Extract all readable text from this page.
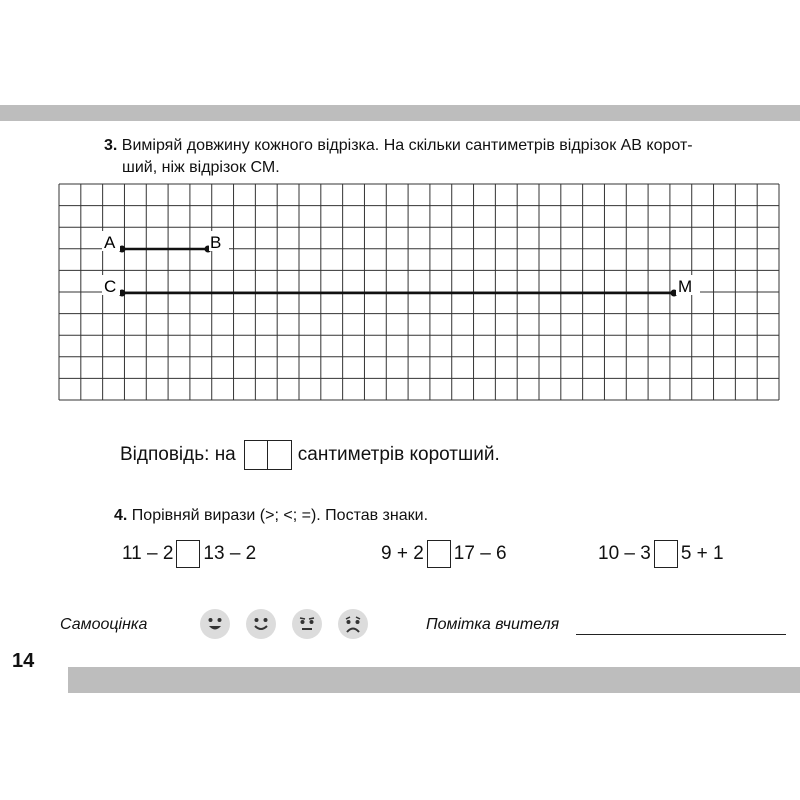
14
3. Виміряй довжину кожного відрізка. На скільки сантиметрів відрізок АВ корот-
ший, ніж відрізок СМ.
A	B
C	M
Відповідь: на	сантиметрів коротший.
4. Порівняй вирази (>; <; =). Постав знаки.
11 – 2 13 – 2	9 + 2 17 – 6	10 – 3 5 + 1
Самооцінка	Помітка вчителя
